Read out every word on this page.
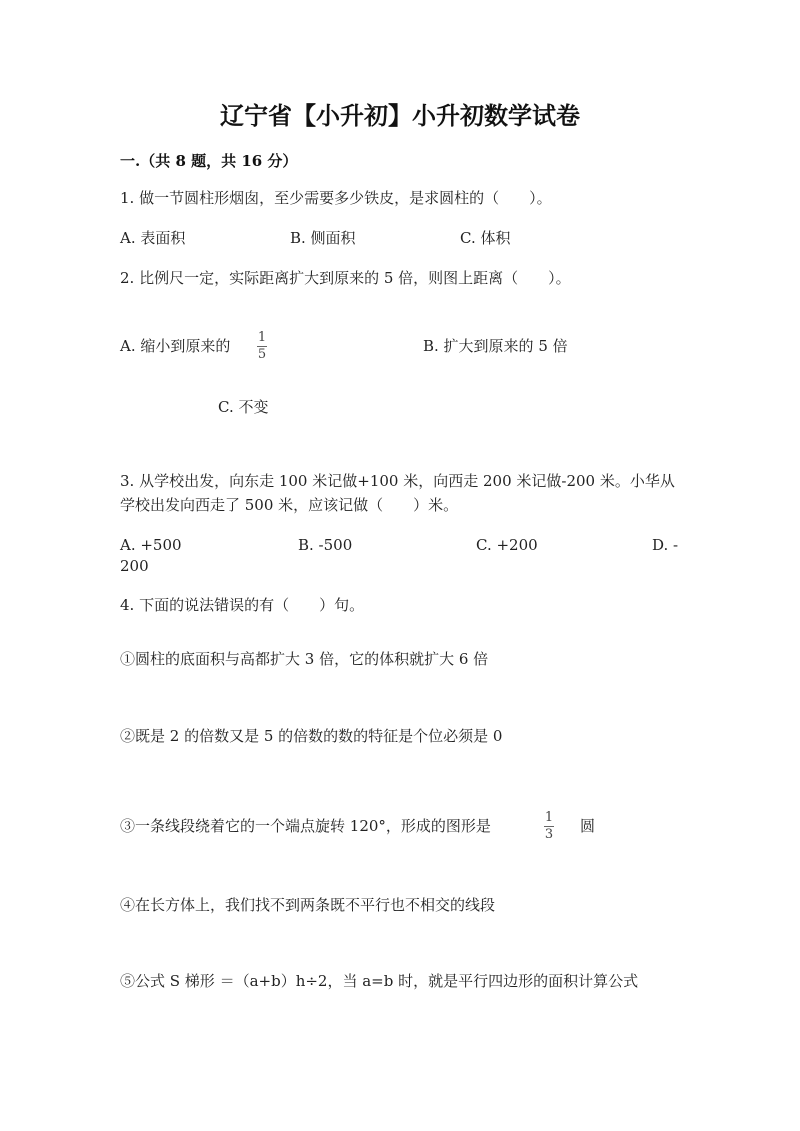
辽宁省【小升初】小升初数学试卷
一.（共 8 题，共 16 分）
1. 做一节圆柱形烟囱，至少需要多少铁皮，是求圆柱的（　　）。
A. 表面积	B. 侧面积	C. 体积
2. 比例尺一定，实际距离扩大到原来的 5 倍，则图上距离（　　）。
A. 缩小到原来的 1
5	B. 扩大到原来的 5 倍
C. 不变
3. 从学校出发，向东走 100 米记做+100 米，向西走 200 米记做-200 米。小华从
学校出发向西走了 500 米，应该记做（　　）米。
A. +500	B. -500	C. +200	D. -
200
4. 下面的说法错误的有（　　）句。
①圆柱的底面积与高都扩大 3 倍，它的体积就扩大 6 倍
②既是 2 的倍数又是 5 的倍数的数的特征是个位必须是 0
③一条线段绕着它的一个端点旋转 120°，形成的图形是	1
3 圆
④在长方体上，我们找不到两条既不平行也不相交的线段
⑤公式 S 梯形 ＝（a+b）h÷2，当 a=b 时，就是平行四边形的面积计算公式
